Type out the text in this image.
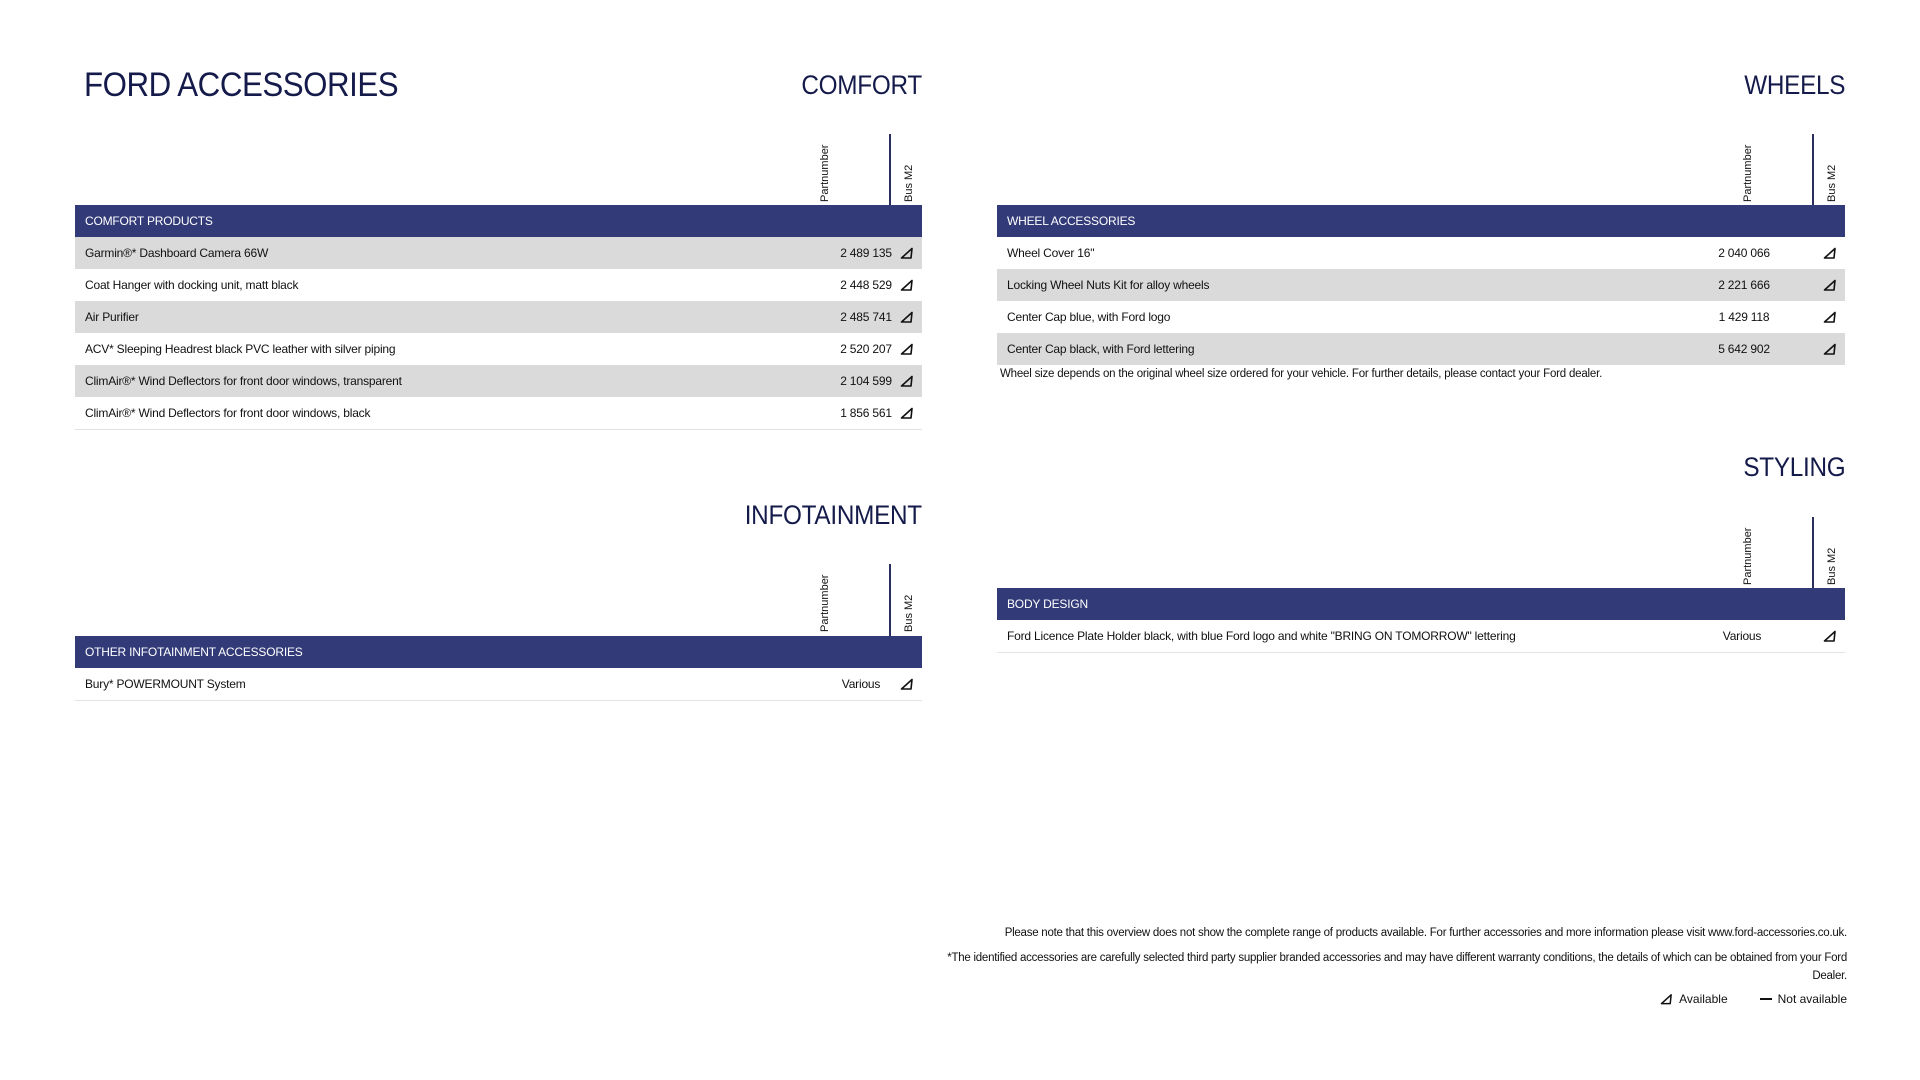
FORD ACCESSORIES	COMFORT
Partnumber	Bus M2
COMFORT PRODUCTS
Garmin®* Dashboard Camera 66W	2 489 135
Coat Hanger with docking unit, matt black	2 448 529
Air Purifier	2 485 741
ACV* Sleeping Headrest black PVC leather with silver piping	2 520 207
ClimAir®* Wind Deflectors for front door windows, transparent	2 104 599
ClimAir®* Wind Deflectors for front door windows, black	1 856 561
INFOTAINMENT
Partnumber	Bus M2
OTHER INFOTAINMENT ACCESSORIES
Bury* POWERMOUNT System	Various
WHEELS
Partnumber	Bus M2
WHEEL ACCESSORIES
Wheel Cover 16"	2 040 066
Locking Wheel Nuts Kit for alloy wheels	2 221 666
Center Cap blue, with Ford logo	1 429 118
Center Cap black, with Ford lettering	5 642 902
Wheel size depends on the original wheel size ordered for your vehicle. For further details, please contact your Ford dealer.
STYLING
Partnumber	Bus M2
BODY DESIGN
Ford Licence Plate Holder black, with blue Ford logo and white "BRING ON TOMORROW" lettering	Various
Please note that this overview does not show the complete range of products available. For further accessories and more information please visit www.ford-accessories.co.uk.
*The identified accessories are carefully selected third party supplier branded accessories and may have different warranty conditions, the details of which can be obtained from your Ford
Dealer.
Available	Not available
